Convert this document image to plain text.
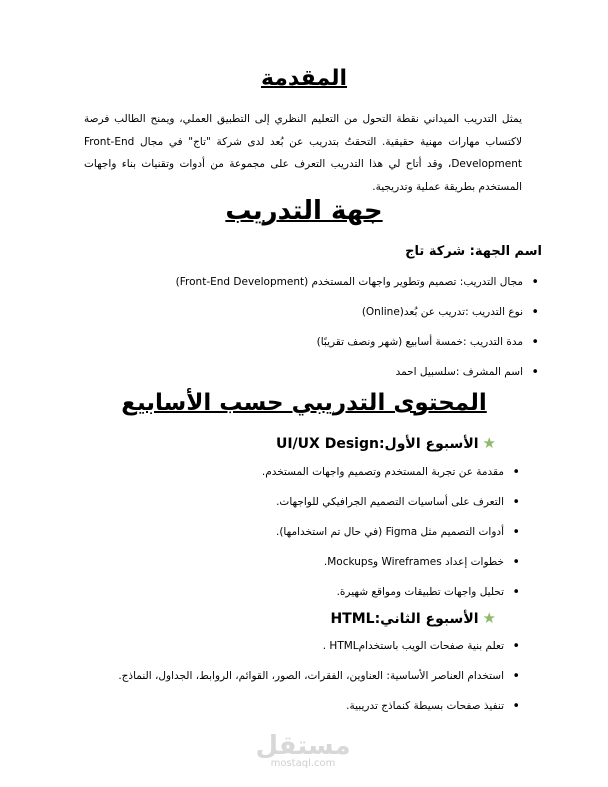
المقدمة
يمثل التدريب الميداني نقطة التحول من التعليم النظري إلى التطبيق العملي، ويمنح الطالب فرصة لاكتساب مهارات مهنية حقيقية. التحقتُ بتدريب عن بُعد لدى شركة "تاج" في مجال Front-End Development، وقد أتاح لي هذا التدريب التعرف على مجموعة من أدوات وتقنيات بناء واجهات المستخدم بطريقة عملية وتدريجية.
جهة التدريب
اسم الجهة: شركة تاج
• مجال التدريب: تصميم وتطوير واجهات المستخدم (Front-End Development)
• نوع التدريب :تدريب عن بُعد(Online)
• مدة التدريب :خمسة أسابيع (شهر ونصف تقريبًا)
• اسم المشرف :سلسبيل احمد
المحتوى التدريبي حسب الأسابيع
★الأسبوع الأول:UI/UX Design
• مقدمة عن تجربة المستخدم وتصميم واجهات المستخدم.
• التعرف على أساسيات التصميم الجرافيكي للواجهات.
• أدوات التصميم مثل Figma (في حال تم استخدامها).
• خطوات إعداد Wireframes وMockups.
• تحليل واجهات تطبيقات ومواقع شهيرة.
★الأسبوع الثاني:HTML
• تعلم بنية صفحات الويب باستخدامHTML .
• استخدام العناصر الأساسية: العناوين، الفقرات، الصور، القوائم، الروابط، الجداول، النماذج.
• تنفيذ صفحات بسيطة كنماذج تدريبية.
مستقل
mostaql.com
